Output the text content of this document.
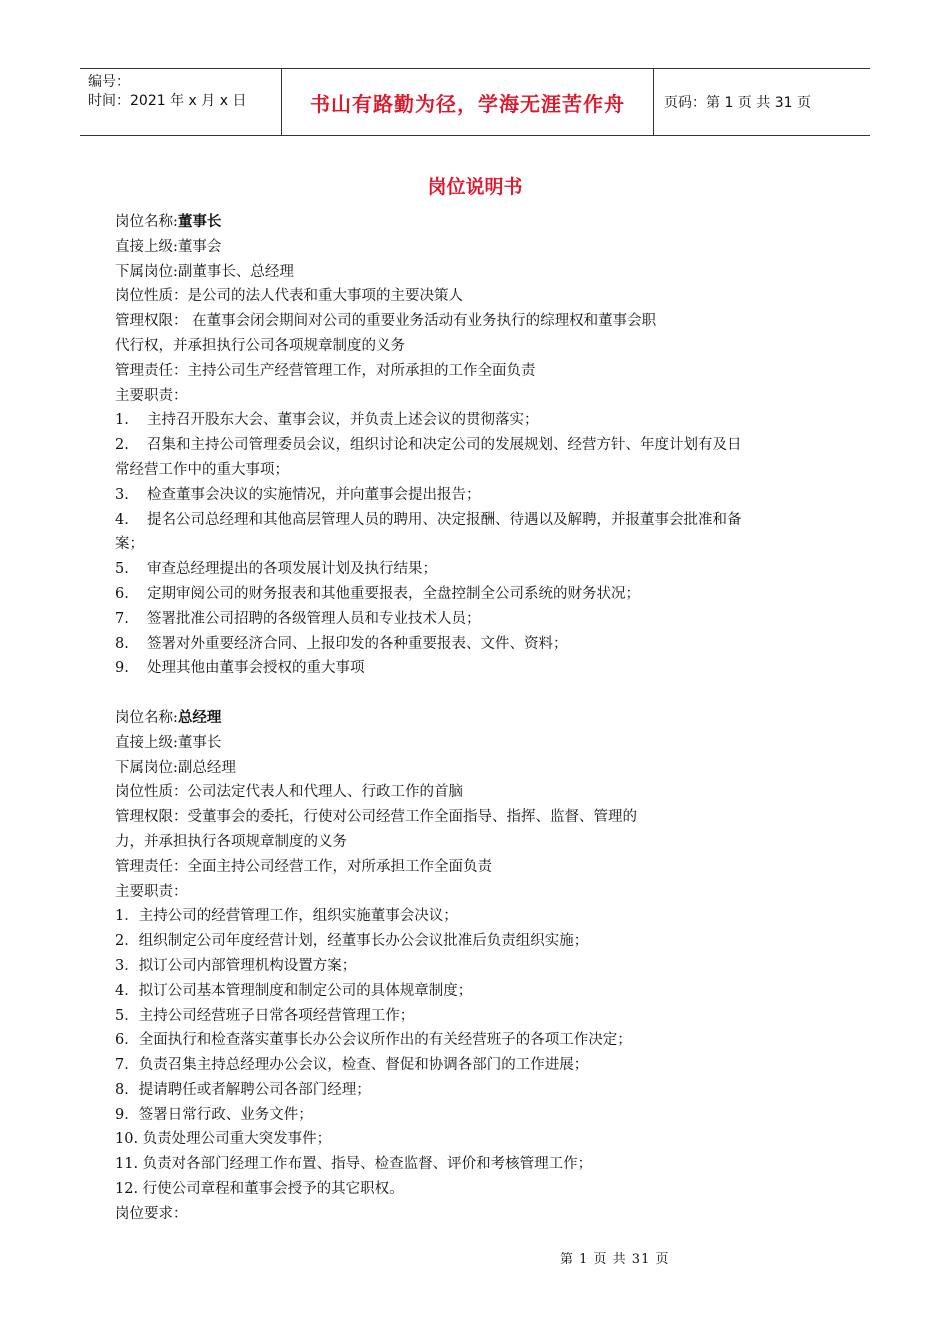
编号：
时间：2021 年 x 月 x 日	书山有路勤为径，学海无涯苦作舟	页码：第 1 页 共 31 页
岗位说明书
岗位名称:董事长
直接上级:董事会
下属岗位:副董事长、总经理
岗位性质：是公司的法人代表和重大事项的主要决策人
管理权限： 在董事会闭会期间对公司的重要业务活动有业务执行的综理权和董事会职
代行权，并承担执行公司各项规章制度的义务
管理责任：主持公司生产经营管理工作，对所承担的工作全面负责
主要职责：
1. 主持召开股东大会、董事会议，并负责上述会议的贯彻落实；
2. 召集和主持公司管理委员会议，组织讨论和决定公司的发展规划、经营方针、年度计划有及日
常经营工作中的重大事项；
3. 检查董事会决议的实施情况，并向董事会提出报告；
4. 提名公司总经理和其他高层管理人员的聘用、决定报酬、待遇以及解聘，并报董事会批准和备
案；
5. 审查总经理提出的各项发展计划及执行结果；
6. 定期审阅公司的财务报表和其他重要报表，全盘控制全公司系统的财务状况；
7. 签署批准公司招聘的各级管理人员和专业技术人员；
8. 签署对外重要经济合同、上报印发的各种重要报表、文件、资料；
9. 处理其他由董事会授权的重大事项
岗位名称:总经理
直接上级:董事长
下属岗位:副总经理
岗位性质：公司法定代表人和代理人、行政工作的首脑
管理权限：受董事会的委托，行使对公司经营工作全面指导、指挥、监督、管理的
力，并承担执行各项规章制度的义务
管理责任：全面主持公司经营工作，对所承担工作全面负责
主要职责：
1．主持公司的经营管理工作，组织实施董事会决议；
2．组织制定公司年度经营计划，经董事长办公会议批准后负责组织实施；
3．拟订公司内部管理机构设置方案；
4．拟订公司基本管理制度和制定公司的具体规章制度；
5．主持公司经营班子日常各项经营管理工作；
6．全面执行和检查落实董事长办公会议所作出的有关经营班子的各项工作决定；
7．负责召集主持总经理办公会议，检查、督促和协调各部门的工作进展；
8．提请聘任或者解聘公司各部门经理；
9．签署日常行政、业务文件；
10. 负责处理公司重大突发事件；
11. 负责对各部门经理工作布置、指导、检查监督、评价和考核管理工作；
12. 行使公司章程和董事会授予的其它职权。
岗位要求：
第 1 页 共 31 页
